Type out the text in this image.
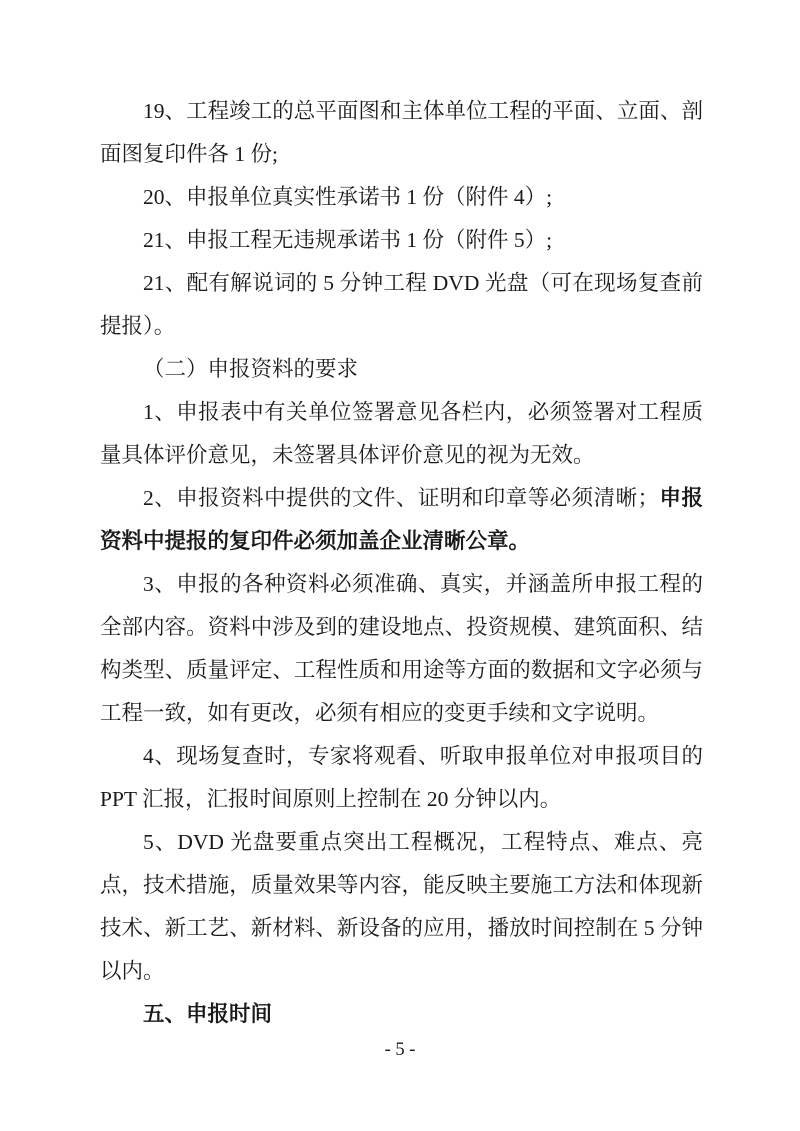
19、工程竣工的总平面图和主体单位工程的平面、立面、剖面图复印件各 1 份;

20、申报单位真实性承诺书 1 份（附件 4）;

21、申报工程无违规承诺书 1 份（附件 5）;

21、配有解说词的 5 分钟工程 DVD 光盘（可在现场复查前提报）。

（二）申报资料的要求

1、申报表中有关单位签署意见各栏内，必须签署对工程质量具体评价意见，未签署具体评价意见的视为无效。

2、申报资料中提供的文件、证明和印章等必须清晰；申报资料中提报的复印件必须加盖企业清晰公章。

3、申报的各种资料必须准确、真实，并涵盖所申报工程的全部内容。资料中涉及到的建设地点、投资规模、建筑面积、结构类型、质量评定、工程性质和用途等方面的数据和文字必须与工程一致，如有更改，必须有相应的变更手续和文字说明。

4、现场复查时，专家将观看、听取申报单位对申报项目的 PPT 汇报，汇报时间原则上控制在 20 分钟以内。

5、DVD 光盘要重点突出工程概况，工程特点、难点、亮点，技术措施，质量效果等内容，能反映主要施工方法和体现新技术、新工艺、新材料、新设备的应用，播放时间控制在 5 分钟以内。

五、申报时间

- 5 -
